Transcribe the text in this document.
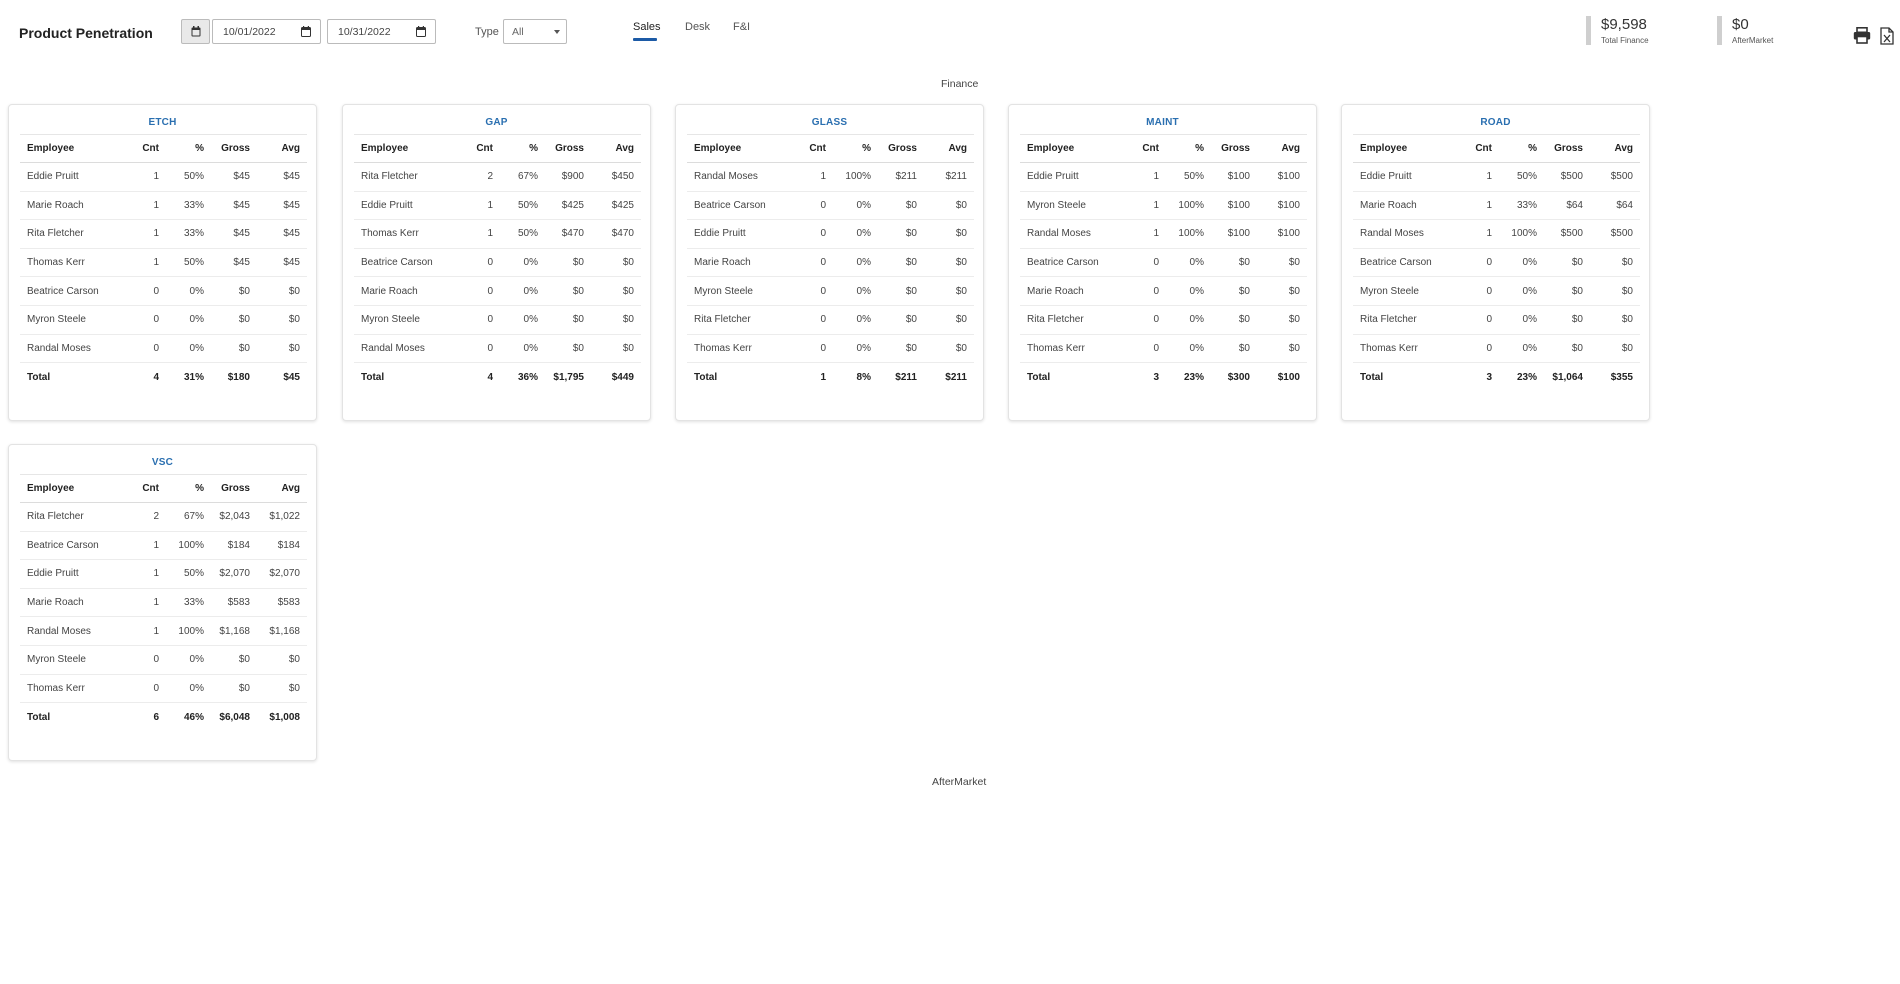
Product Penetration	10/01/2022	10/31/2022	Type	All	Sales Desk F&I	$9,598
Total Finance
$0
AfterMarket
Finance
ETCH
Employee	Cnt	%	Gross	Avg
Eddie Pruitt	1	50%	$45	$45
Marie Roach	1	33%	$45	$45
Rita Fletcher	1	33%	$45	$45
Thomas Kerr	1	50%	$45	$45
Beatrice Carson	0	0%	$0	$0
Myron Steele	0	0%	$0	$0
Randal Moses	0	0%	$0	$0
Total	4	31%	$180	$45
GAP
Employee	Cnt	%	Gross	Avg
Rita Fletcher	2	67%	$900	$450
Eddie Pruitt	1	50%	$425	$425
Thomas Kerr	1	50%	$470	$470
Beatrice Carson	0	0%	$0	$0
Marie Roach	0	0%	$0	$0
Myron Steele	0	0%	$0	$0
Randal Moses	0	0%	$0	$0
Total	4	36%	$1,795	$449
GLASS
Employee	Cnt	%	Gross	Avg
Randal Moses	1	100%	$211	$211
Beatrice Carson	0	0%	$0	$0
Eddie Pruitt	0	0%	$0	$0
Marie Roach	0	0%	$0	$0
Myron Steele	0	0%	$0	$0
Rita Fletcher	0	0%	$0	$0
Thomas Kerr	0	0%	$0	$0
Total	1	8%	$211	$211
MAINT
Employee	Cnt	%	Gross	Avg
Eddie Pruitt	1	50%	$100	$100
Myron Steele	1	100%	$100	$100
Randal Moses	1	100%	$100	$100
Beatrice Carson	0	0%	$0	$0
Marie Roach	0	0%	$0	$0
Rita Fletcher	0	0%	$0	$0
Thomas Kerr	0	0%	$0	$0
Total	3	23%	$300	$100
ROAD
Employee	Cnt	%	Gross	Avg
Eddie Pruitt	1	50%	$500	$500
Marie Roach	1	33%	$64	$64
Randal Moses	1	100%	$500	$500
Beatrice Carson	0	0%	$0	$0
Myron Steele	0	0%	$0	$0
Rita Fletcher	0	0%	$0	$0
Thomas Kerr	0	0%	$0	$0
Total	3	23%	$1,064	$355
VSC
Employee	Cnt	%	Gross	Avg
Rita Fletcher	2	67%	$2,043	$1,022
Beatrice Carson	1	100%	$184	$184
Eddie Pruitt	1	50%	$2,070	$2,070
Marie Roach	1	33%	$583	$583
Randal Moses	1	100%	$1,168	$1,168
Myron Steele	0	0%	$0	$0
Thomas Kerr	0	0%	$0	$0
Total	6	46%	$6,048	$1,008
AfterMarket
